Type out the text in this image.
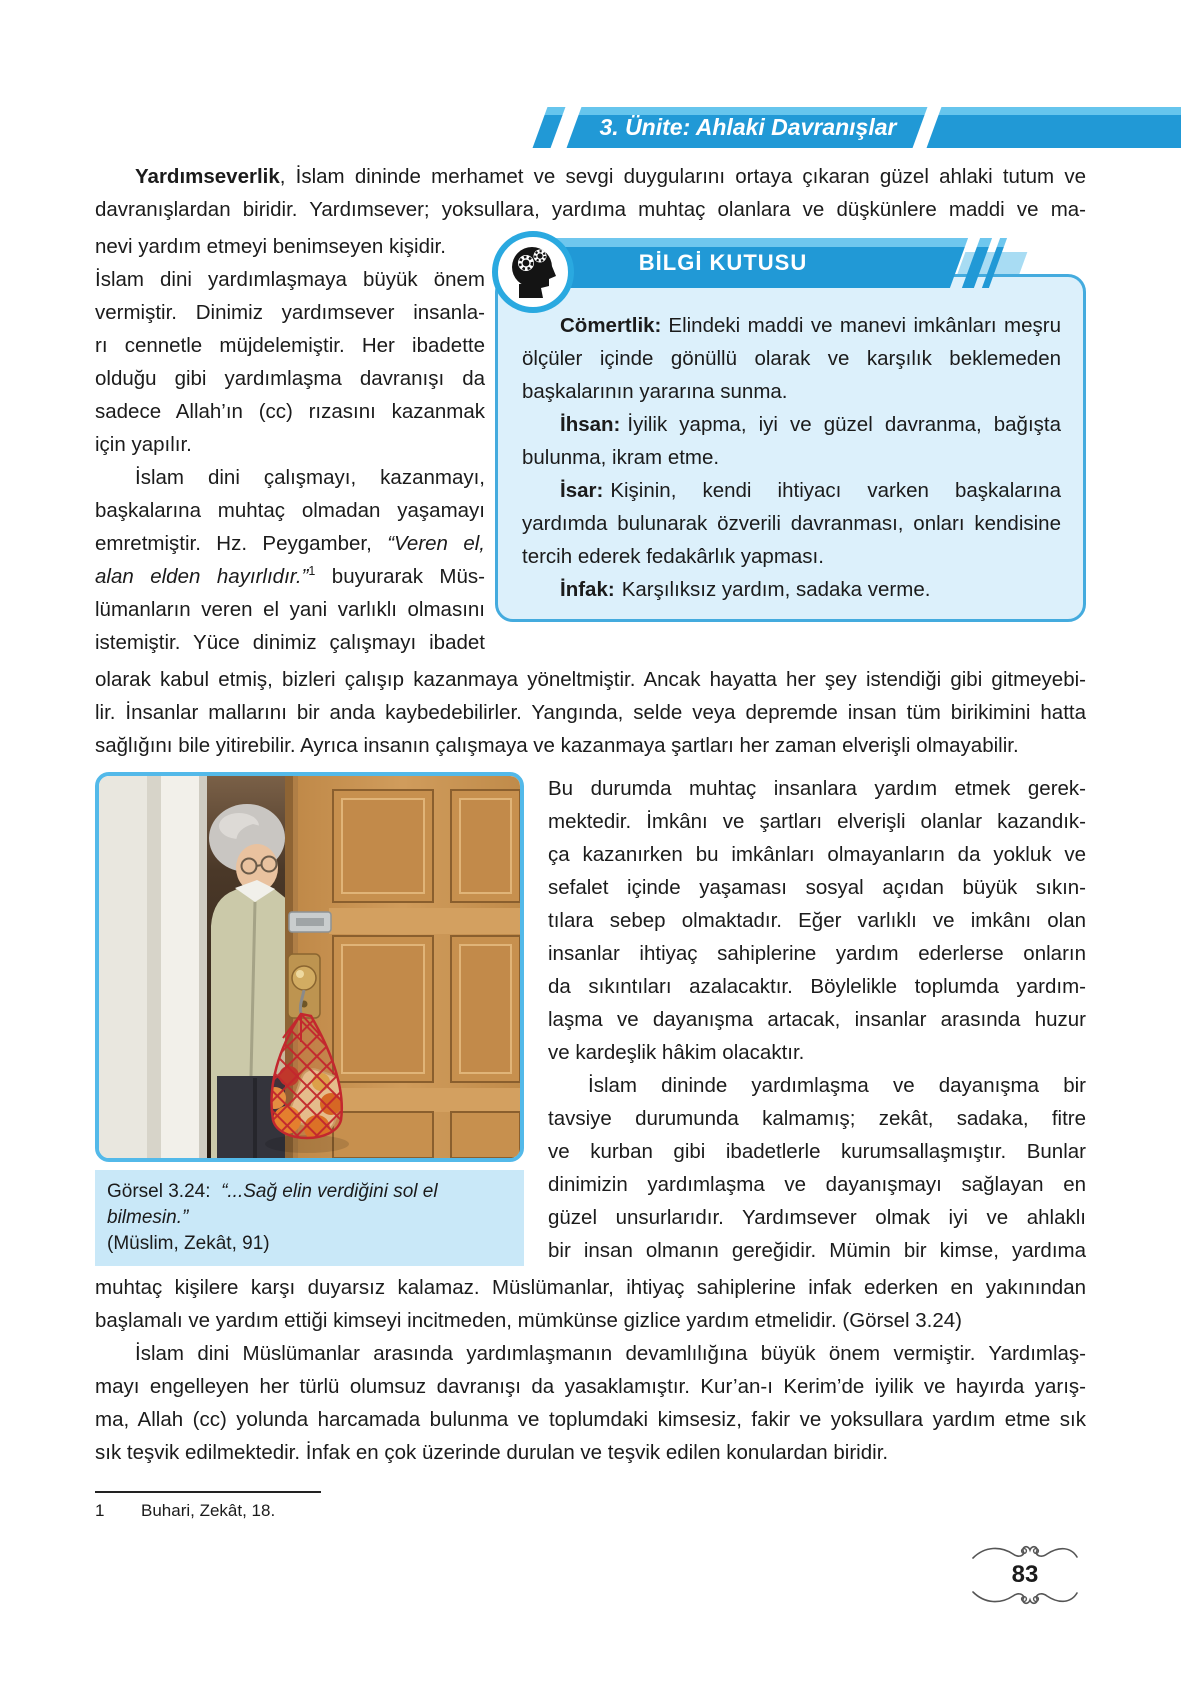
3. Ünite: Ahlaki Davranışlar
Yardımseverlik, İslam dininde merhamet ve sevgi duygularını ortaya çıkaran güzel ahlaki tutum ve
davranışlardan biridir. Yardımsever; yoksullara, yardıma muhtaç olanlara ve düşkünlere maddi ve ma-
nevi yardım etmeyi benimseyen kişidir.
İslam dini yardımlaşmaya büyük önem
vermiştir. Dinimiz yardımsever insanla-
rı cennetle müjdelemiştir. Her ibadette
olduğu gibi yardımlaşma davranışı da
sadece Allah’ın (cc) rızasını kazanmak
için yapılır.
İslam dini çalışmayı, kazanmayı,
başkalarına muhtaç olmadan yaşamayı
emretmiştir. Hz. Peygamber, “Veren el,
alan elden hayırlıdır.”$^1$ buyurarak Müs-
lümanların veren el yani varlıklı olmasını
istemiştir. Yüce dinimiz çalışmayı ibadet
BİLGİ KUTUSU

Cömertlik: Elindeki maddi ve manevi imkânları meşru ölçüler içinde gönüllü olarak ve karşılık beklemeden başkalarının yararına sunma.

İhsan: İyilik yapma, iyi ve güzel davranma, bağışta bulunma, ikram etme.

İsar: Kişinin, kendi ihtiyacı varken başkalarına yardımda bulunarak özverili davranması, onları kendisine tercih ederek fedakârlık yapması.

İnfak: Karşılıksız yardım, sadaka verme.

olarak kabul etmiş, bizleri çalışıp kazanmaya yöneltmiştir. Ancak hayatta her şey istendiği gibi gitmeyebi-
lir. İnsanlar mallarını bir anda kaybedebilirler. Yangında, selde veya depremde insan tüm birikimini hatta
sağlığını bile yitirebilir. Ayrıca insanın çalışmaya ve kazanmaya şartları her zaman elverişli olmayabilir.
Görsel 3.24:  “...Sağ elin verdiğini sol el bilmesin.”
(Müslim, Zekât, 91)
Bu durumda muhtaç insanlara yardım etmek gerek-
mektedir. İmkânı ve şartları elverişli olanlar kazandık-
ça kazanırken bu imkânları olmayanların da yokluk ve
sefalet içinde yaşaması sosyal açıdan büyük sıkın-
tılara sebep olmaktadır. Eğer varlıklı ve imkânı olan
insanlar ihtiyaç sahiplerine yardım ederlerse onların
da sıkıntıları azalacaktır. Böylelikle toplumda yardım-
laşma ve dayanışma artacak, insanlar arasında huzur
ve kardeşlik hâkim olacaktır.
İslam dininde yardımlaşma ve dayanışma bir
tavsiye durumunda kalmamış; zekât, sadaka, fitre
ve kurban gibi ibadetlerle kurumsallaşmıştır. Bunlar
dinimizin yardımlaşma ve dayanışmayı sağlayan en
güzel unsurlarıdır. Yardımsever olmak iyi ve ahlaklı
bir insan olmanın gereğidir. Mümin bir kimse, yardıma
muhtaç kişilere karşı duyarsız kalamaz. Müslümanlar, ihtiyaç sahiplerine infak ederken en yakınından
başlamalı ve yardım ettiği kimseyi incitmeden, mümkünse gizlice yardım etmelidir. (Görsel 3.24)
İslam dini Müslümanlar arasında yardımlaşmanın devamlılığına büyük önem vermiştir. Yardımlaş-
mayı engelleyen her türlü olumsuz davranışı da yasaklamıştır. Kur’an-ı Kerim’de iyilik ve hayırda yarış-
ma, Allah (cc) yolunda harcamada bulunma ve toplumdaki kimsesiz, fakir ve yoksullara yardım etme sık
sık teşvik edilmektedir. İnfak en çok üzerinde durulan ve teşvik edilen konulardan biridir.
1	Buhari, Zekât, 18.
83
